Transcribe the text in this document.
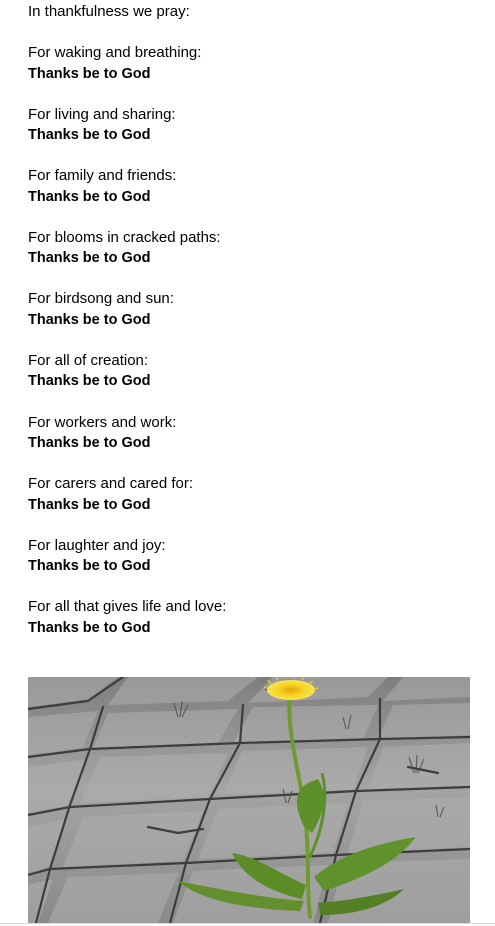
In thankfulness we pray:
For waking and breathing:
Thanks be to God
For living and sharing:
Thanks be to God
For family and friends:
Thanks be to God
For blooms in cracked paths:
Thanks be to God
For birdsong and sun:
Thanks be to God
For all of creation:
Thanks be to God
For workers and work:
Thanks be to God
For carers and cared for:
Thanks be to God
For laughter and joy:
Thanks be to God
For all that gives life and love:
Thanks be to God
